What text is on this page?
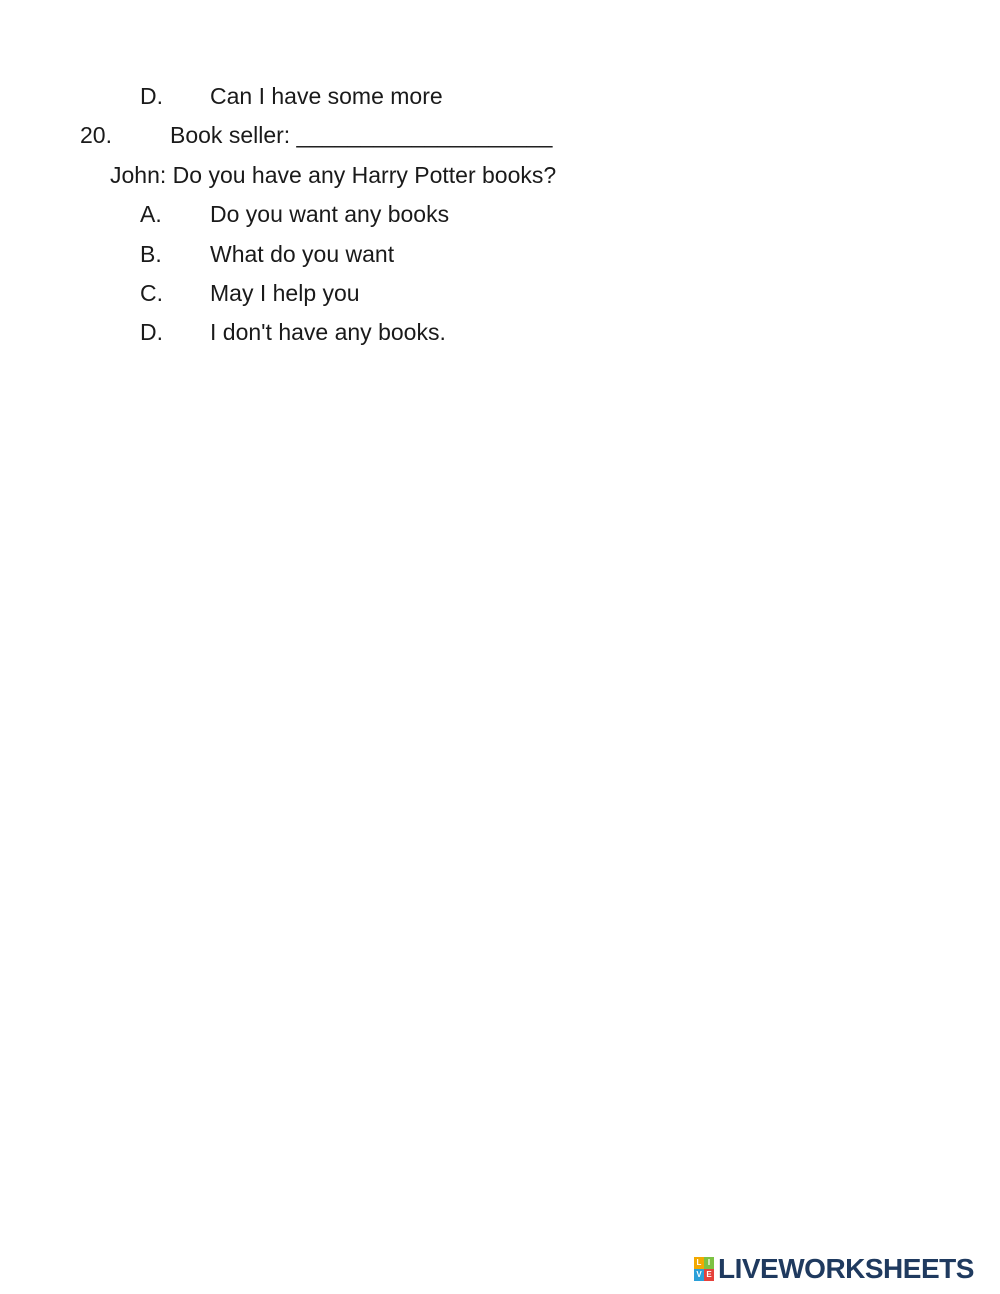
D. Can I have some more
20.	Book seller: ____________________
John: Do you have any Harry Potter books?
A. Do you want any books
B. What do you want
C. May I help you
D. I don't have any books.
L I
V E LIVEWORKSHEETS
